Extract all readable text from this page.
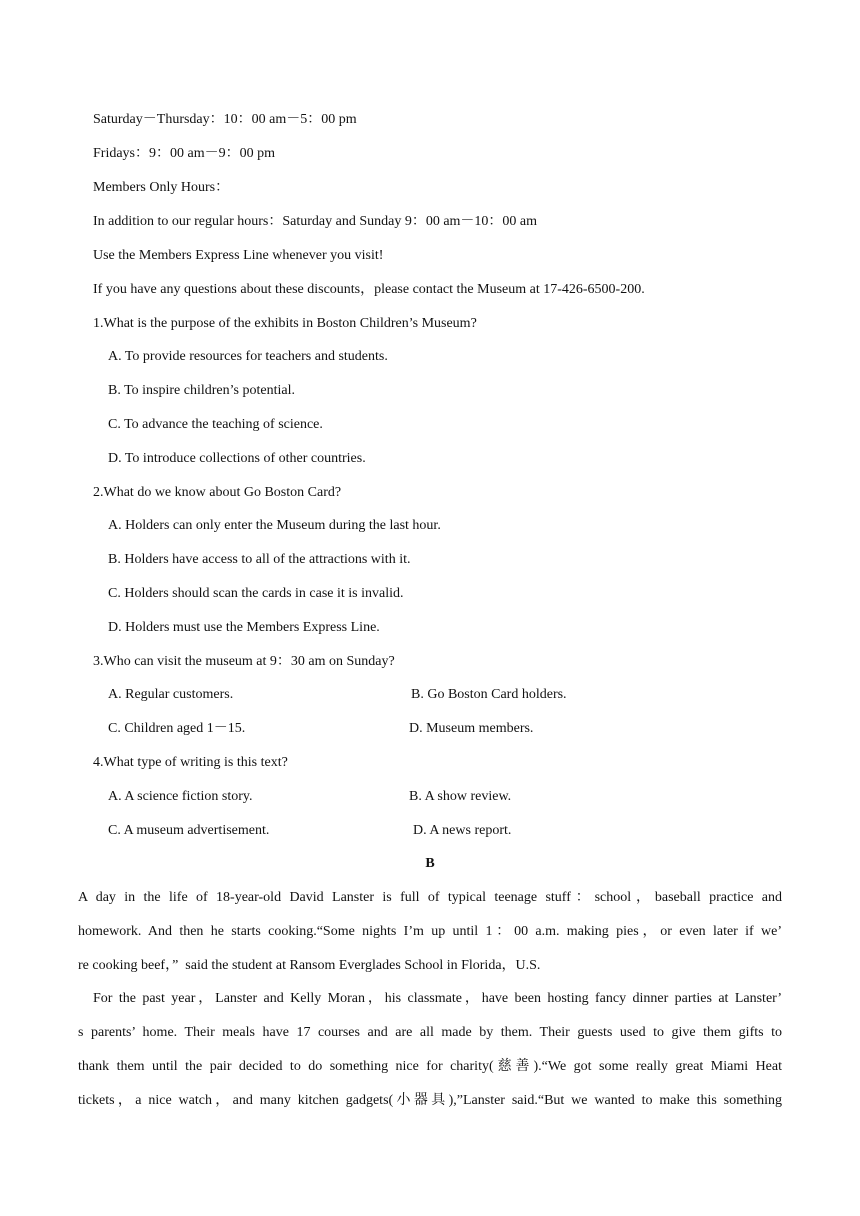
Saturday－Thursday：10：00 am－5：00 pm
Fridays：9：00 am－9：00 pm
Members Only Hours：
In addition to our regular hours：Saturday and Sunday 9：00 am－10：00 am
Use the Members Express Line whenever you visit!
If you have any questions about these discounts，please contact the Museum at 17-426-6500-200.
1.What is the purpose of the exhibits in Boston Children’s Museum?
A. To provide resources for teachers and students.
B. To inspire children’s potential.
C. To advance the teaching of science.
D. To introduce collections of other countries.
2.What do we know about Go Boston Card?
A. Holders can only enter the Museum during the last hour.
B. Holders have access to all of the attractions with it.
C. Holders should scan the cards in case it is invalid.
D. Holders must use the Members Express Line.
3.Who can visit the museum at 9：30 am on Sunday?
A. Regular customers.	B. Go Boston Card holders.
C. Children aged 1－15.	D. Museum members.
4.What type of writing is this text?
A. A science fiction story.	B. A show review.
C. A museum advertisement.	D. A news report.
B
A day in the life of 18-year-old David Lanster is full of typical teenage stuff：school，baseball practice and
homework. And then he starts cooking.“Some nights I’m up until 1：00 a.m. making pies，or even later if we’
re cooking beef，”  said the student at Ransom Everglades School in Florida，U.S.
For the past year，Lanster and Kelly Moran，his classmate，have been hosting fancy dinner parties at Lanster’
s parents’ home. Their meals have 17 courses and are all made by them. Their guests used to give them gifts to
thank them until the pair decided to do something nice for charity(慈善).“We got some really great Miami Heat
tickets，a nice watch，and many kitchen gadgets(小器具),”Lanster said.“But we wanted to make this something
